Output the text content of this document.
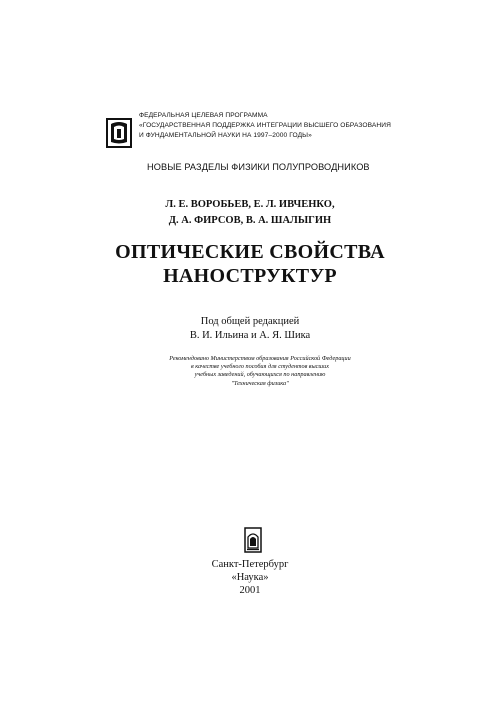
ФЕДЕРАЛЬНАЯ ЦЕЛЕВАЯ ПРОГРАММА
«ГОСУДАРСТВЕННАЯ ПОДДЕРЖКА ИНТЕГРАЦИИ ВЫСШЕГО ОБРАЗОВАНИЯ
И ФУНДАМЕНТАЛЬНОЙ НАУКИ НА 1997–2000 ГОДЫ»
НОВЫЕ РАЗДЕЛЫ ФИЗИКИ ПОЛУПРОВОДНИКОВ
Л. Е. ВОРОБЬЕВ, Е. Л. ИВЧЕНКО,
Д. А. ФИРСОВ, В. А. ШАЛЫГИН
ОПТИЧЕСКИЕ СВОЙСТВА
НАНОСТРУКТУР
Под общей редакцией
В. И. Ильина и А. Я. Шика
Рекомендовано Министерством образования Российской Федерации
в качестве учебного пособия для студентов высших
учебных заведений, обучающихся по направлению
"Техническая физика"
Санкт-Петербург
«Наука»
2001
